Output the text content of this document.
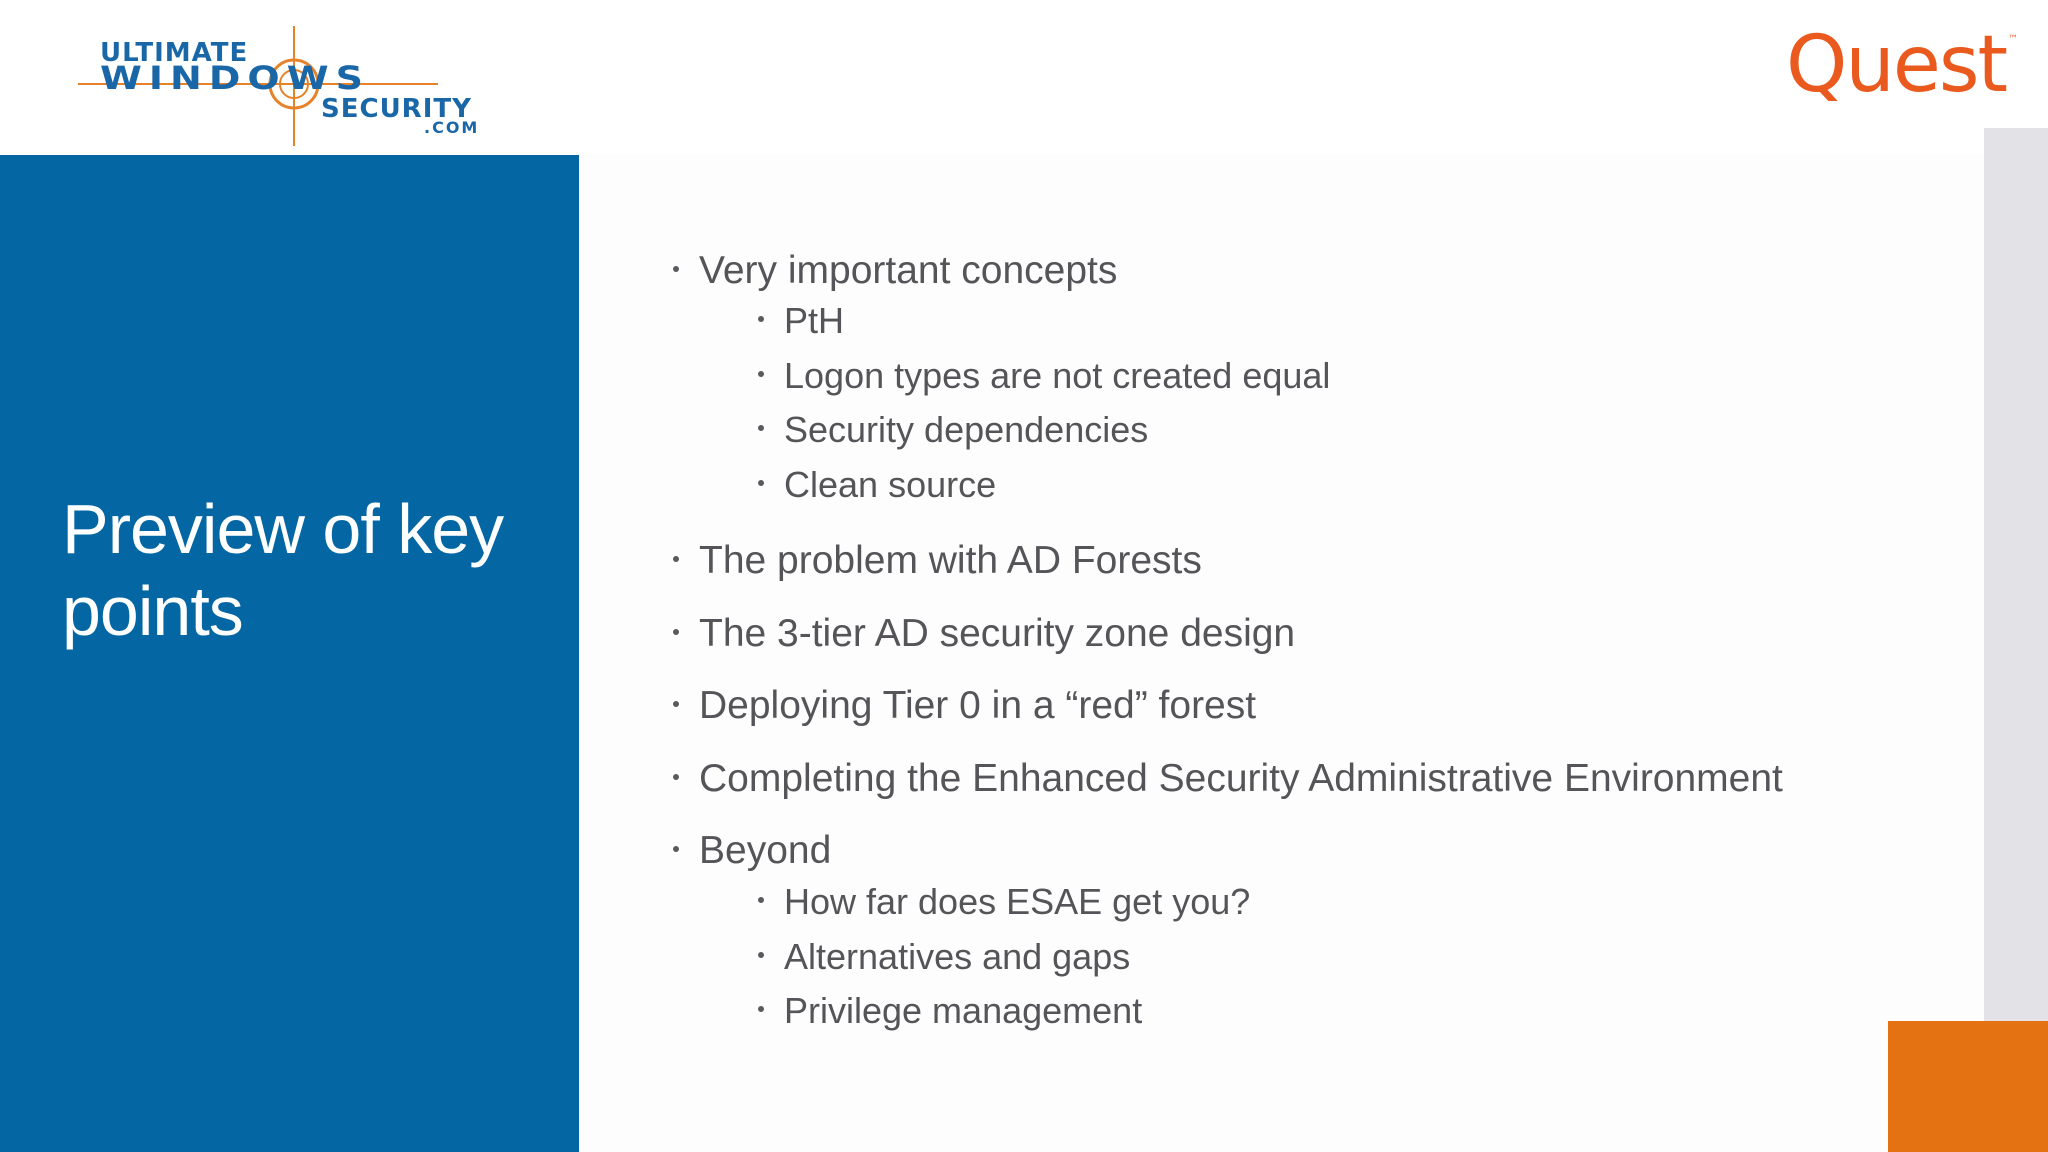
ULTIMATE
WINDOWS
SECURITY
.COM
Quest ™
Preview of key points
Very important concepts
PtH
Logon types are not created equal
Security dependencies
Clean source
The problem with AD Forests
The 3-tier AD security zone design
Deploying Tier 0 in a “red” forest
Completing the Enhanced Security Administrative Environment
Beyond
How far does ESAE get you?
Alternatives and gaps
Privilege management
